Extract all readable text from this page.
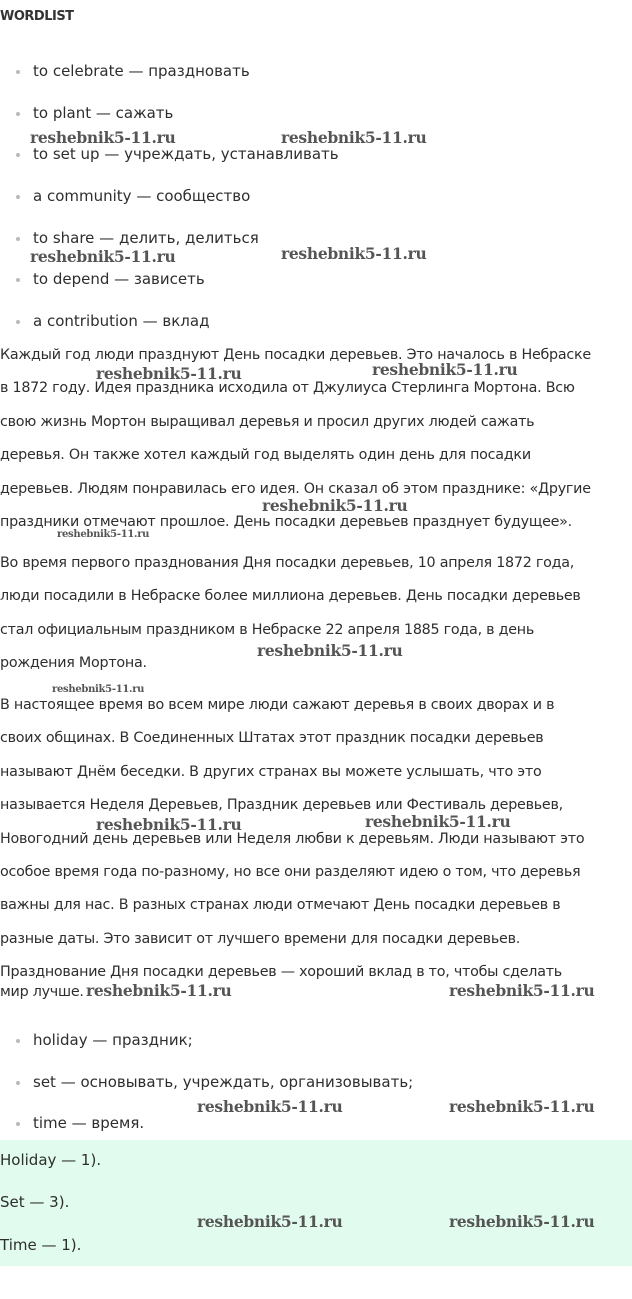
WORDLIST
to celebrate — праздновать
to plant — сажать
to set up — учреждать, устанавливать
a community — сообщество
to share — делить, делиться
to depend — зависеть
a contribution — вклад

Каждый год люди празднуют День посадки деревьев. Это началось в Небраске

в 1872 году. Идея праздника исходила от Джулиуса Стерлинга Мортона. Всю

свою жизнь Мортон выращивал деревья и просил других людей сажать

деревья. Он также хотел каждый год выделять один день для посадки

деревьев. Людям понравилась его идея. Он сказал об этом празднике: «Другие

праздники отмечают прошлое. День посадки деревьев празднует будущее».

Во время первого празднования Дня посадки деревьев, 10 апреля 1872 года,

люди посадили в Небраске более миллиона деревьев. День посадки деревьев

стал официальным праздником в Небраске 22 апреля 1885 года, в день

рождения Мортона.

В настоящее время во всем мире люди сажают деревья в своих дворах и в

своих общинах. В Соединенных Штатах этот праздник посадки деревьев

называют Днём беседки. В других странах вы можете услышать, что это

называется Неделя Деревьев, Праздник деревьев или Фестиваль деревьев,

Новогодний день деревьев или Неделя любви к деревьям. Люди называют это

особое время года по-разному, но все они разделяют идею о том, что деревья

важны для нас. В разных странах люди отмечают День посадки деревьев в

разные даты. Это зависит от лучшего времени для посадки деревьев.

Празднование Дня посадки деревьев — хороший вклад в то, чтобы сделать

мир лучше.

holiday — праздник;
set — основывать, учреждать, организовывать;
time — время.
Holiday — 1).
Set — 3).
Time — 1).
reshebnik5-11.ru	reshebnik5-11.ru
reshebnik5-11.ru	reshebnik5-11.ru
reshebnik5-11.ru	reshebnik5-11.ru
reshebnik5-11.ru
reshebnik5-11.ru
reshebnik5-11.ru
reshebnik5-11.ru
reshebnik5-11.ru	reshebnik5-11.ru
reshebnik5-11.ru	reshebnik5-11.ru
reshebnik5-11.ru	reshebnik5-11.ru
reshebnik5-11.ru	reshebnik5-11.ru
